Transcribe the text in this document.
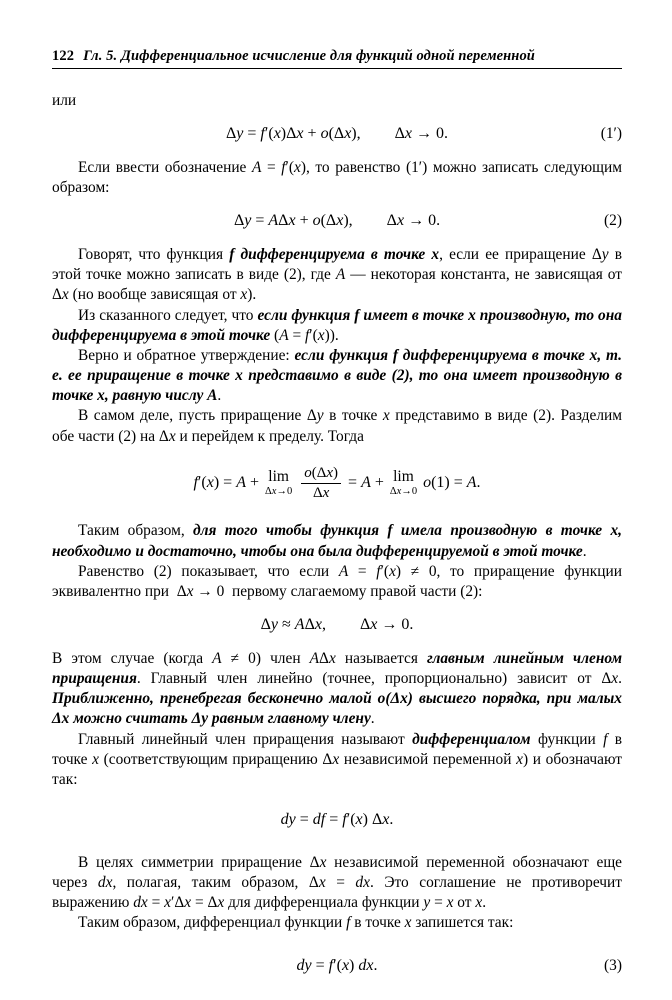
122 Гл. 5. Дифференциальное исчисление для функций одной переменной

или

Δy = f′(x)Δx + o(Δx), Δx → 0.	(1′)

Если ввести обозначение A = f′(x), то равенство (1′) можно записать следующим образом:

Δy = AΔx + o(Δx), Δx → 0.	(2)

Говорят, что функция f дифференцируема в точке x, если ее приращение Δy в этой точке можно записать в виде (2), где A — некоторая константа, не зависящая от Δx (но вообще зависящая от x).

Из сказанного следует, что если функция f имеет в точке x производную, то она дифференцируема в этой точке (A = f′(x)).

Верно и обратное утверждение: если функция f дифференцируема в точке x, т. е. ее приращение в точке x представимо в виде (2), то она имеет производную в точке x, равную числу A.

В самом деле, пусть приращение Δy в точке x представимо в виде (2). Разделим обе части (2) на Δx и перейдем к пределу. Тогда

f′(x) = A + lim
Δx→0
$\frac{o(\Delta x)}{\Delta x} = A + \lim$
Δx→0
o(1) = A.

Таким образом, для того чтобы функция f имела производную в точке x, необходимо и достаточно, чтобы она была дифференцируемой в этой точке.

Равенство (2) показывает, что если A = f′(x) ≠ 0, то приращение функции эквивалентно при  Δx → 0  первому слагаемому правой части (2):

Δy ≈ AΔx, Δx → 0.

В этом случае (когда A ≠ 0) член AΔx называется главным линейным членом приращения. Главный член линейно (точнее, пропорционально) зависит от Δx. Приближенно, пренебрегая бесконечно малой o(Δx) высшего порядка, при малых Δx можно считать Δy равным главному члену.

Главный линейный член приращения называют дифференциалом функции f в точке x (соответствующим приращению Δx независимой переменной x) и обозначают так:

dy = df = f′(x) Δx.

В целях симметрии приращение Δx независимой переменной обозначают еще через dx, полагая, таким образом, Δx = dx. Это соглашение не противоречит выражению dx = x′Δx = Δx для дифференциала функции y = x от x.

Таким образом, дифференциал функции f в точке x запишется так:

dy = f′(x) dx.	(3)
